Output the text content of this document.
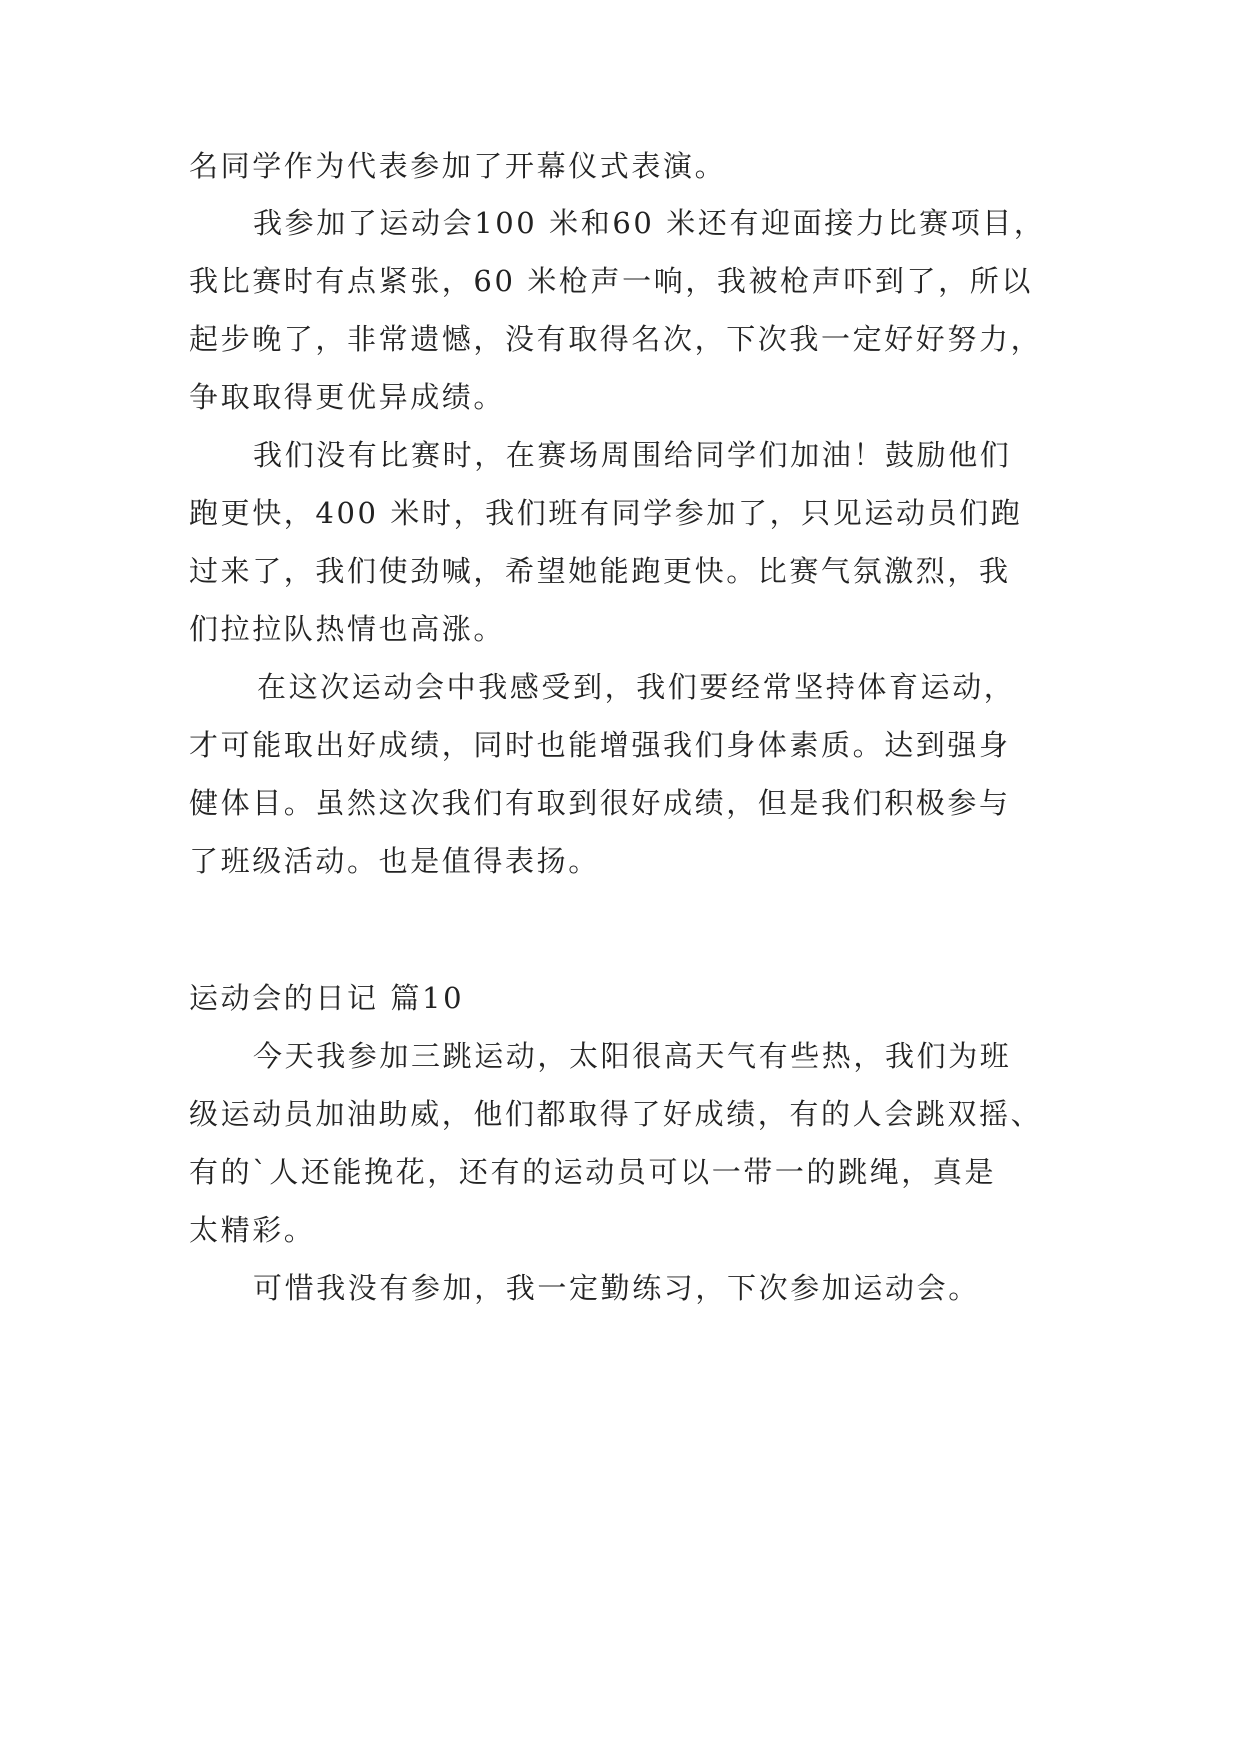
名同学作为代表参加了开幕仪式表演。
我参加了运动会100 米和60 米还有迎面接力比赛项目，
我比赛时有点紧张，60 米枪声一响，我被枪声吓到了，所以
起步晚了，非常遗憾，没有取得名次，下次我一定好好努力，
争取取得更优异成绩。
我们没有比赛时，在赛场周围给同学们加油！鼓励他们
跑更快，400 米时，我们班有同学参加了，只见运动员们跑
过来了，我们使劲喊，希望她能跑更快。比赛气氛激烈，我
们拉拉队热情也高涨。
在这次运动会中我感受到，我们要经常坚持体育运动，
才可能取出好成绩，同时也能增强我们身体素质。达到强身
健体目。虽然这次我们有取到很好成绩，但是我们积极参与
了班级活动。也是值得表扬。
运动会的日记 篇10
今天我参加三跳运动，太阳很高天气有些热，我们为班
级运动员加油助威，他们都取得了好成绩，有的人会跳双摇、
有的`人还能挽花，还有的运动员可以一带一的跳绳，真是
太精彩。
可惜我没有参加，我一定勤练习，下次参加运动会。
